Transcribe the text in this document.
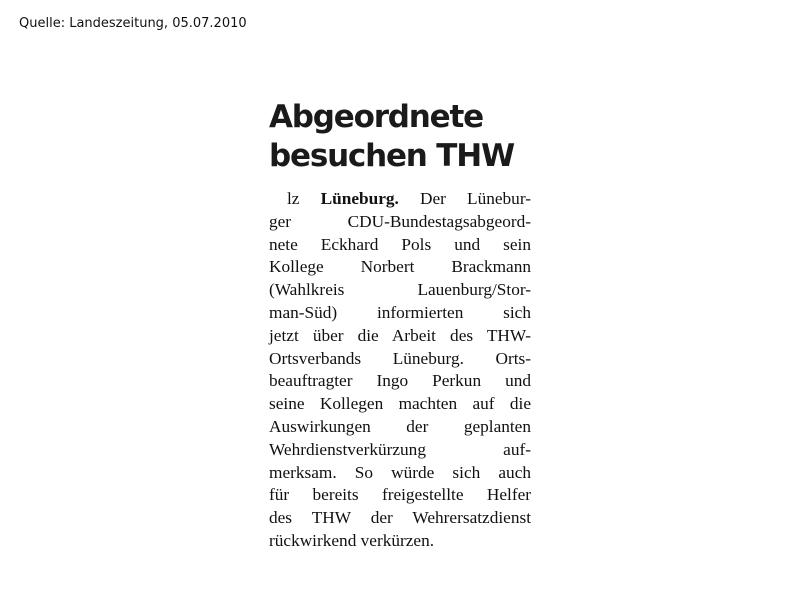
Quelle: Landeszeitung, 05.07.2010
Abgeordnete
besuchen THW
lz Lüneburg. Der Lünebur-
ger CDU-Bundestagsabgeord-
nete Eckhard Pols und sein
Kollege Norbert Brackmann
(Wahlkreis Lauenburg/Stor-
man-Süd) informierten sich
jetzt über die Arbeit des THW-
Ortsverbands Lüneburg. Orts-
beauftragter Ingo Perkun und
seine Kollegen machten auf die
Auswirkungen der geplanten
Wehrdienstverkürzung auf-
merksam. So würde sich auch
für bereits freigestellte Helfer
des THW der Wehrersatzdienst
rückwirkend verkürzen.
